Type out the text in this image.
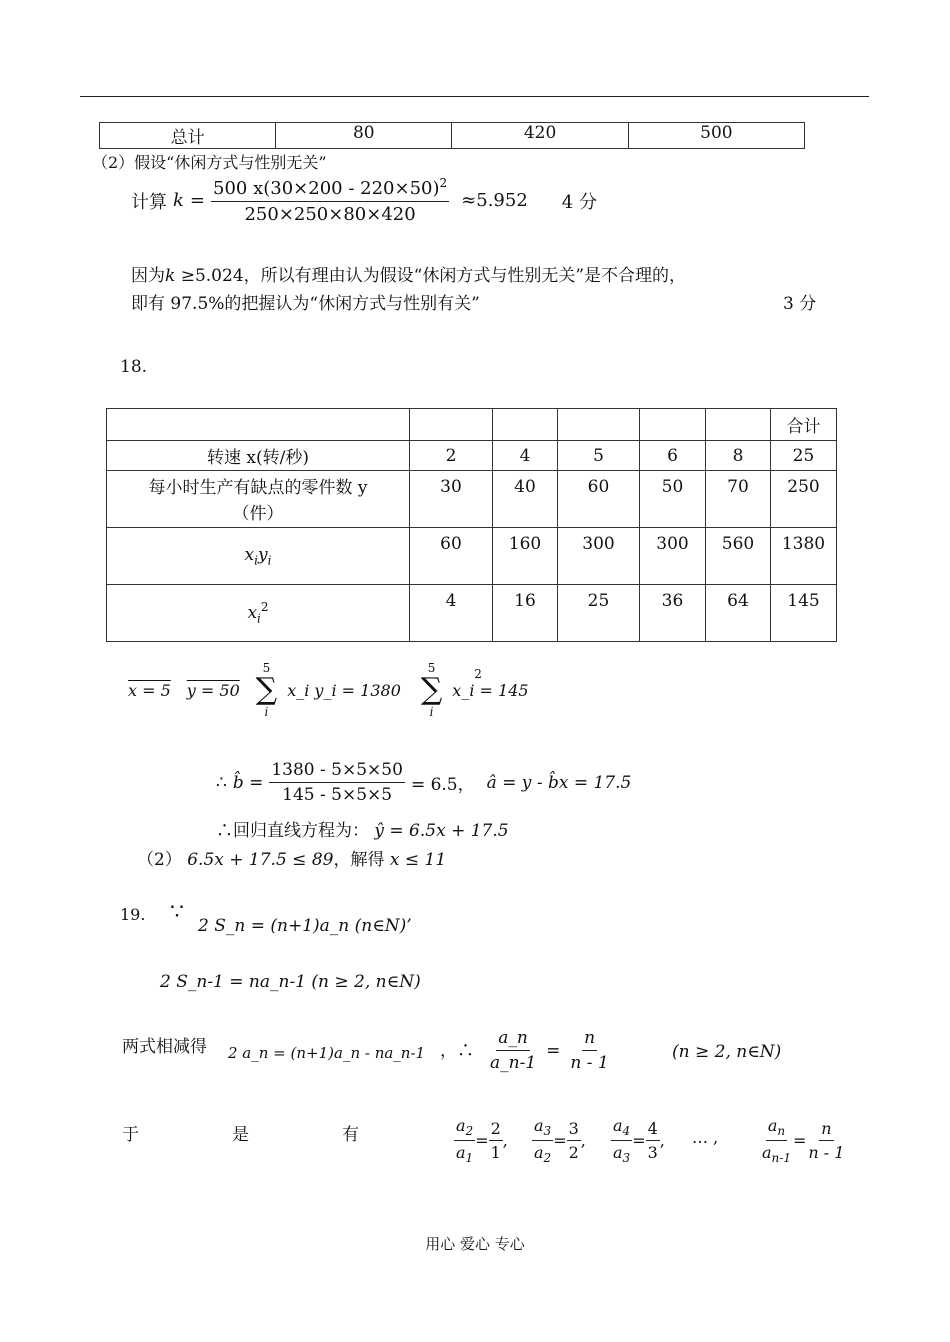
总计	80	420	500
（2）假设“休闲方式与性别无关”
计算 $k = \frac{500 x(30\times 200 - 220\times 50)^2}{250\times 250\times 80\times 420} \approx 5.952$ 4 分
因为k ≥5.024，所以有理由认为假设“休闲方式与性别无关”是不合理的，
即有 97.5%的把握认为“休闲方式与性别有关”	3 分
18.
						合计
转速 x(转/秒)	2	4	5	6	8	25

每小时生产有缺点的零件数 y
（件）	30	40	60	50	70	250
$x_iy_i$	60	160	300	300	560	1380
$x_i^2$	4	16	25	36	64	145
x = 5 y = 50
5
∑
i
x_i y_i = 1380
5
∑
i
2
x_i = 145
∴ b̂ = $\frac{1380 - 5\times 5\times 50}{145 - 5\times 5\times 5} = 6.5$， â = y - b̂x = 17.5
∴回归直线方程为： ŷ = 6.5x + 17.5
（2） 6.5x + 17.5 ≤ 89，解得 x ≤ 11
19. ∵
2 S_n = (n+1)a_n (n∈N)’
2 S_n-1 = na_n-1 (n ≥ 2, n∈N)
两式相减得 2 a_n = (n+1)a_n - na_n-1 ，∴ $\frac{a\_n}{a\_n-1} = \frac{n}{n - 1}$	(n ≥ 2, n∈N)
于	是	有	$\frac{a_2}{a_1} = \frac{2}{1}$ , $\frac{a_3}{a_2} = \frac{3}{2}$ , $\frac{a_4}{a_3} = \frac{4}{3}$ , … ,	$\frac{a_n}{a_{n-1}} = \frac{n}{n - 1}$
用心 爱心 专心
